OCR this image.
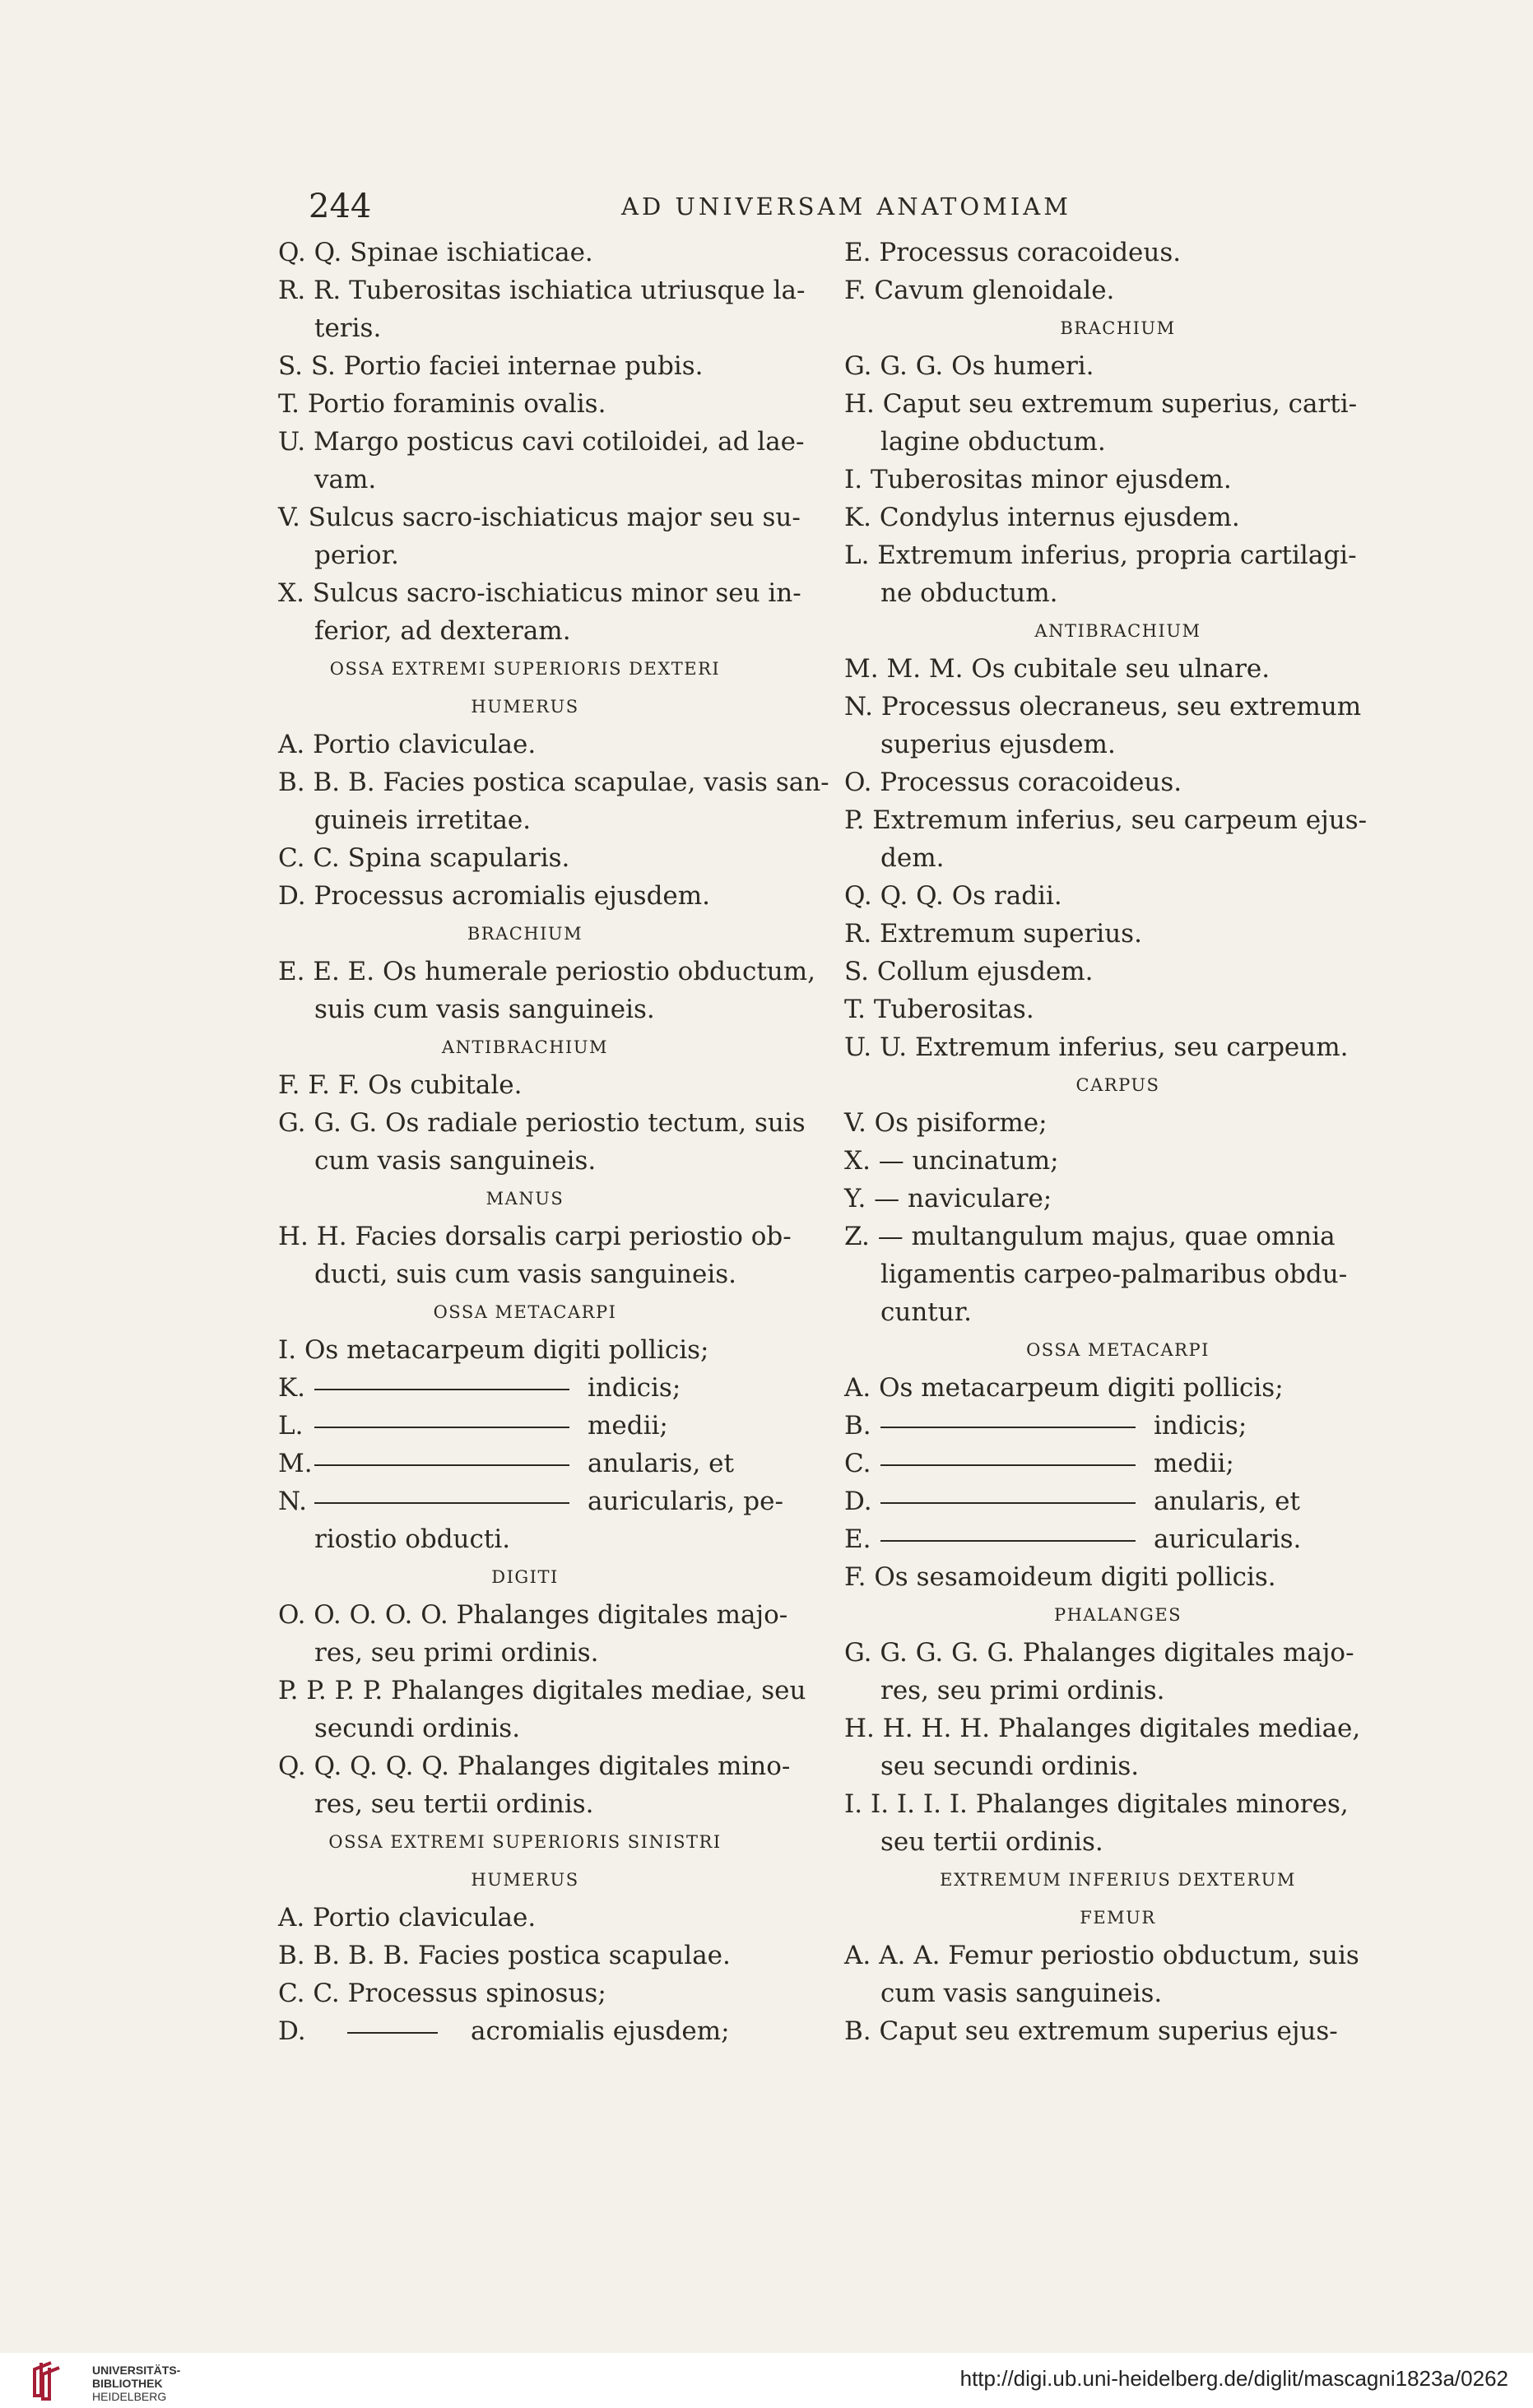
244	AD UNIVERSAM ANATOMIAM
Q. Q. Spinae ischiaticae.
R. R. Tuberositas ischiatica utriusque la-
teris.
S. S. Portio faciei internae pubis.
T. Portio foraminis ovalis.
U. Margo posticus cavi cotiloidei, ad lae-
vam.
V. Sulcus sacro-ischiaticus major seu su-
perior.
X. Sulcus sacro-ischiaticus minor seu in-
ferior, ad dexteram.
OSSA EXTREMI SUPERIORIS DEXTERI
HUMERUS
A. Portio claviculae.
B. B. B. Facies postica scapulae, vasis san-
guineis irretitae.
C. C. Spina scapularis.
D. Processus acromialis ejusdem.
BRACHIUM
E. E. E. Os humerale periostio obductum,
suis cum vasis sanguineis.
ANTIBRACHIUM
F. F. F. Os cubitale.
G. G. G. Os radiale periostio tectum, suis
cum vasis sanguineis.
MANUS
H. H. Facies dorsalis carpi periostio ob-
ducti, suis cum vasis sanguineis.
OSSA METACARPI
I. Os metacarpeum digiti pollicis;
K.	indicis;
L.	medii;
M.	anularis, et
N.	auricularis, pe-
riostio obducti.
DIGITI
O. O. O. O. O. Phalanges digitales majo-
res, seu primi ordinis.
P. P. P. P. Phalanges digitales mediae, seu
secundi ordinis.
Q. Q. Q. Q. Q. Phalanges digitales mino-
res, seu tertii ordinis.
OSSA EXTREMI SUPERIORIS SINISTRI
HUMERUS
A. Portio claviculae.
B. B. B. B. Facies postica scapulae.
C. C. Processus spinosus;
D.	acromialis ejusdem;
E. Processus coracoideus.
F. Cavum glenoidale.
BRACHIUM
G. G. G. Os humeri.
H. Caput seu extremum superius, carti-
lagine obductum.
I. Tuberositas minor ejusdem.
K. Condylus internus ejusdem.
L. Extremum inferius, propria cartilagi-
ne obductum.
ANTIBRACHIUM
M. M. M. Os cubitale seu ulnare.
N. Processus olecraneus, seu extremum
superius ejusdem.
O. Processus coracoideus.
P. Extremum inferius, seu carpeum ejus-
dem.
Q. Q. Q. Os radii.
R. Extremum superius.
S. Collum ejusdem.
T. Tuberositas.
U. U. Extremum inferius, seu carpeum.
CARPUS
V. Os pisiforme;
X. — uncinatum;
Y. — naviculare;
Z. — multangulum majus, quae omnia
ligamentis carpeo-palmaribus obdu-
cuntur.
OSSA METACARPI
A. Os metacarpeum digiti pollicis;
B.	indicis;
C.	medii;
D.	anularis, et
E.	auricularis.
F. Os sesamoideum digiti pollicis.
PHALANGES
G. G. G. G. G. Phalanges digitales majo-
res, seu primi ordinis.
H. H. H. H. Phalanges digitales mediae,
seu secundi ordinis.
I. I. I. I. I. Phalanges digitales minores,
seu tertii ordinis.
EXTREMUM INFERIUS DEXTERUM
FEMUR
A. A. A. Femur periostio obductum, suis
cum vasis sanguineis.
B. Caput seu extremum superius ejus-
UNIVERSITÄTS-
BIBLIOTHEK
HEIDELBERG
http://digi.ub.uni-heidelberg.de/diglit/mascagni1823a/0262
